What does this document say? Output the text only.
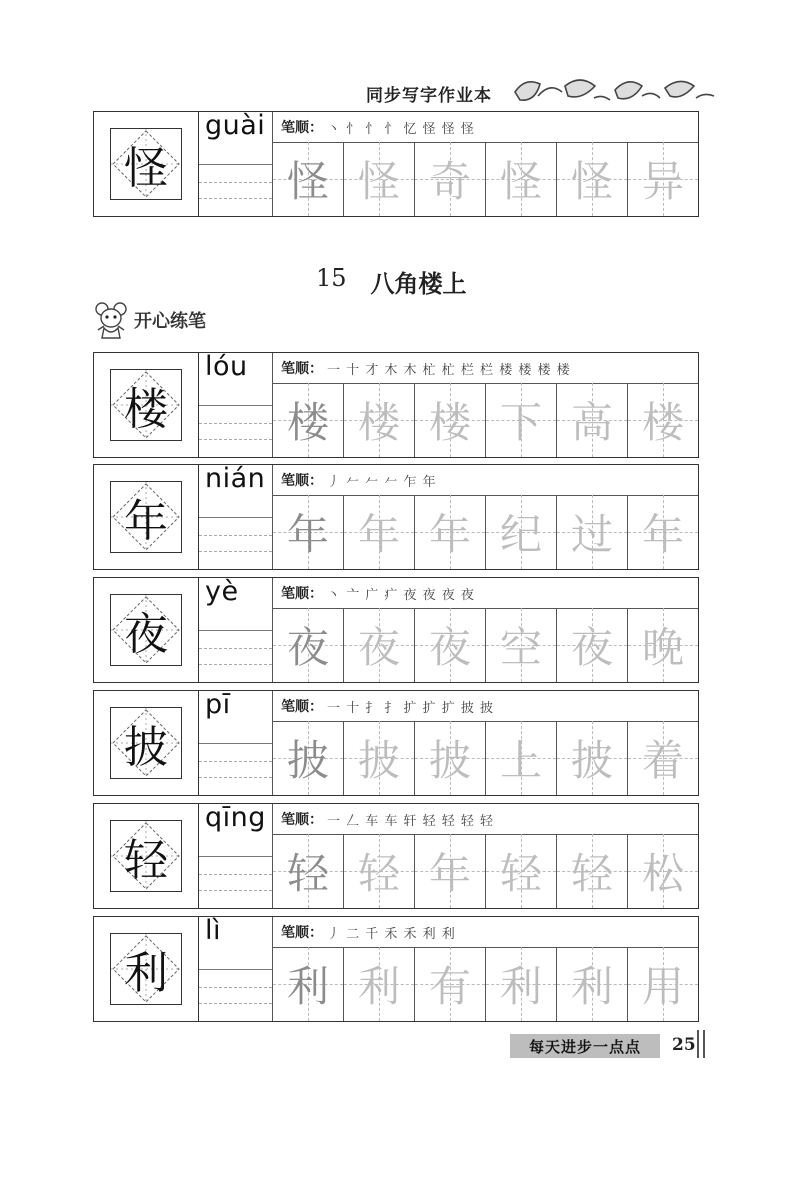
同步写字作业本
15 八角楼上
开心练笔
怪
guài 笔顺： 丶 忄 忄 忄 忆 怪 怪 怪
怪 怪 奇 怪 怪 异
楼
lóu 笔顺： 一 十 才 木 木 杧 杧 栏 栏 楼 楼 楼 楼
楼 楼 楼 下 高 楼
年
nián 笔顺： 丿 𠂉 𠂉 𠂉 乍 年
年 年 年 纪 过 年
夜
yè	笔顺： 丶 亠 广 疒 夜 夜 夜 夜
夜 夜 夜 空 夜 晚
披
pī	笔顺： 一 十 扌 扌 扩 扩 扩 披 披
披 披 披 上 披 着
轻
qīng 笔顺： 一 𠃋 车 车 轩 轻 轻 轻 轻
轻 轻 年 轻 轻 松
利
lì	笔顺： 丿 二 千 禾 禾 利 利
利 利 有 利 利 用
每天进步一点点 25
